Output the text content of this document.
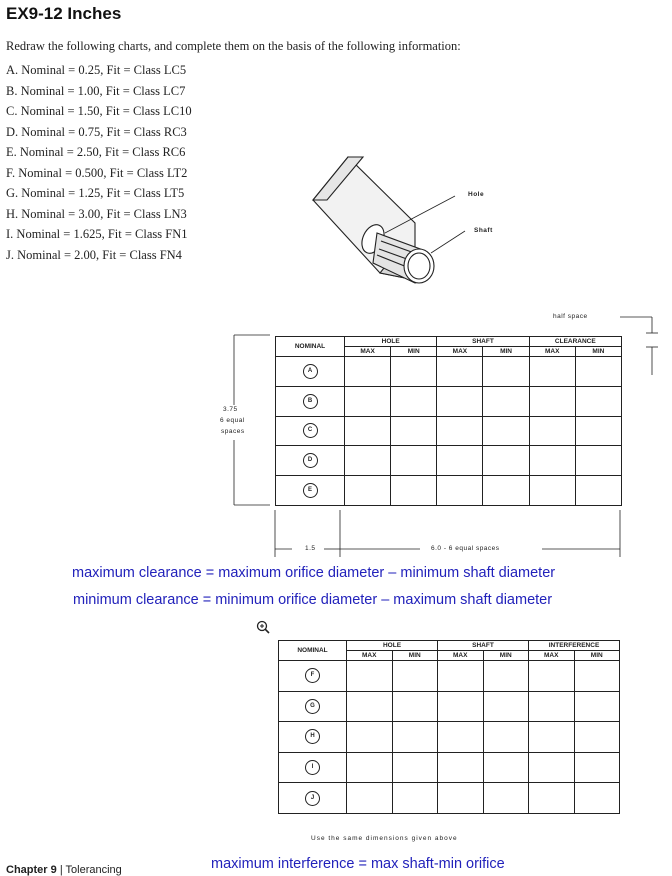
EX9-12 Inches
Redraw the following charts, and complete them on the basis of the following information:
A. Nominal = 0.25, Fit = Class LC5
B. Nominal = 1.00, Fit = Class LC7
C. Nominal = 1.50, Fit = Class LC10
D. Nominal = 0.75, Fit = Class RC3
E. Nominal = 2.50, Fit = Class RC6
F. Nominal = 0.500, Fit = Class LT2
G. Nominal = 1.25, Fit = Class LT5
H. Nominal = 3.00, Fit = Class LN3
I. Nominal = 1.625, Fit = Class FN1
J. Nominal = 2.00, Fit = Class FN4
Hole
Shaft
half space
3.75
6 equal
spaces
1.5	6.0 - 6 equal spaces
NOMINAL	HOLE		SHAFT		CLEARANCE	
	MAX	MIN	MAX	MIN	MAX	MIN
A						
B						
C						
D						
E						
maximum clearance = maximum orifice diameter – minimum shaft diameter
minimum clearance = minimum orifice diameter – maximum shaft diameter
NOMINAL	HOLE		SHAFT		INTERFERENCE	
	MAX	MIN	MAX	MIN	MAX	MIN
F						
G						
H						
I						
J						
Use the same dimensions given above
Chapter 9 | Tolerancing	maximum interference = max shaft-min orifice
